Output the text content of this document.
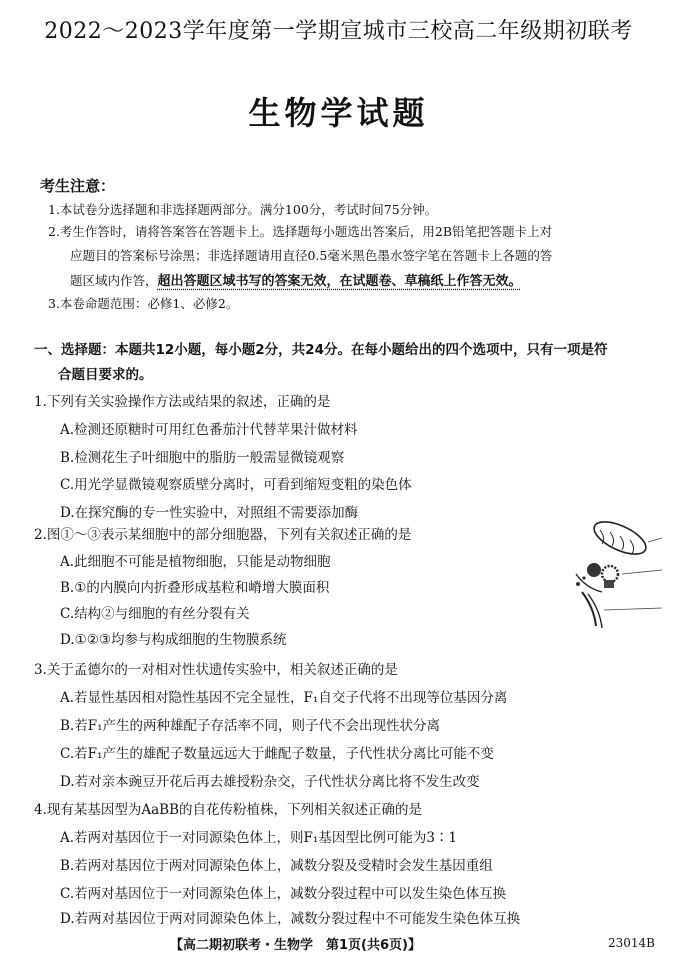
2022～2023学年度第一学期宣城市三校高二年级期初联考
生物学试题
考生注意：
1.本试卷分选择题和非选择题两部分。满分100分，考试时间75分钟。
2.考生作答时，请将答案答在答题卡上。选择题每小题选出答案后，用2B铅笔把答题卡上对
应题目的答案标号涂黑；非选择题请用直径0.5毫米黑色墨水签字笔在答题卡上各题的答
题区域内作答，超出答题区域书写的答案无效，在试题卷、草稿纸上作答无效。
3.本卷命题范围：必修1、必修2。
一、选择题：本题共12小题，每小题2分，共24分。在每小题给出的四个选项中，只有一项是符
合题目要求的。
1.下列有关实验操作方法或结果的叙述，正确的是
A.检测还原糖时可用红色番茄汁代替苹果汁做材料
B.检测花生子叶细胞中的脂肪一般需显微镜观察
C.用光学显微镜观察质壁分离时，可看到缩短变粗的染色体
D.在探究酶的专一性实验中，对照组不需要添加酶
2.图①～③表示某细胞中的部分细胞器，下列有关叙述正确的是
A.此细胞不可能是植物细胞，只能是动物细胞
B.①的内膜向内折叠形成基粒和嵴增大膜面积
C.结构②与细胞的有丝分裂有关
D.①②③均参与构成细胞的生物膜系统
3.关于孟德尔的一对相对性状遗传实验中，相关叙述正确的是
A.若显性基因相对隐性基因不完全显性，F₁自交子代将不出现等位基因分离
B.若F₁产生的两种雄配子存活率不同，则子代不会出现性状分离
C.若F₁产生的雄配子数量远远大于雌配子数量，子代性状分离比可能不变
D.若对亲本豌豆开花后再去雄授粉杂交，子代性状分离比将不发生改变
4.现有某基因型为AaBB的自花传粉植株，下列相关叙述正确的是
A.若两对基因位于一对同源染色体上，则F₁基因型比例可能为3∶1
B.若两对基因位于两对同源染色体上，减数分裂及受精时会发生基因重组
C.若两对基因位于一对同源染色体上，减数分裂过程中可以发生染色体互换
D.若两对基因位于两对同源染色体上，减数分裂过程中不可能发生染色体互换
【高二期初联考・生物学　第1页(共6页)】	23014B
